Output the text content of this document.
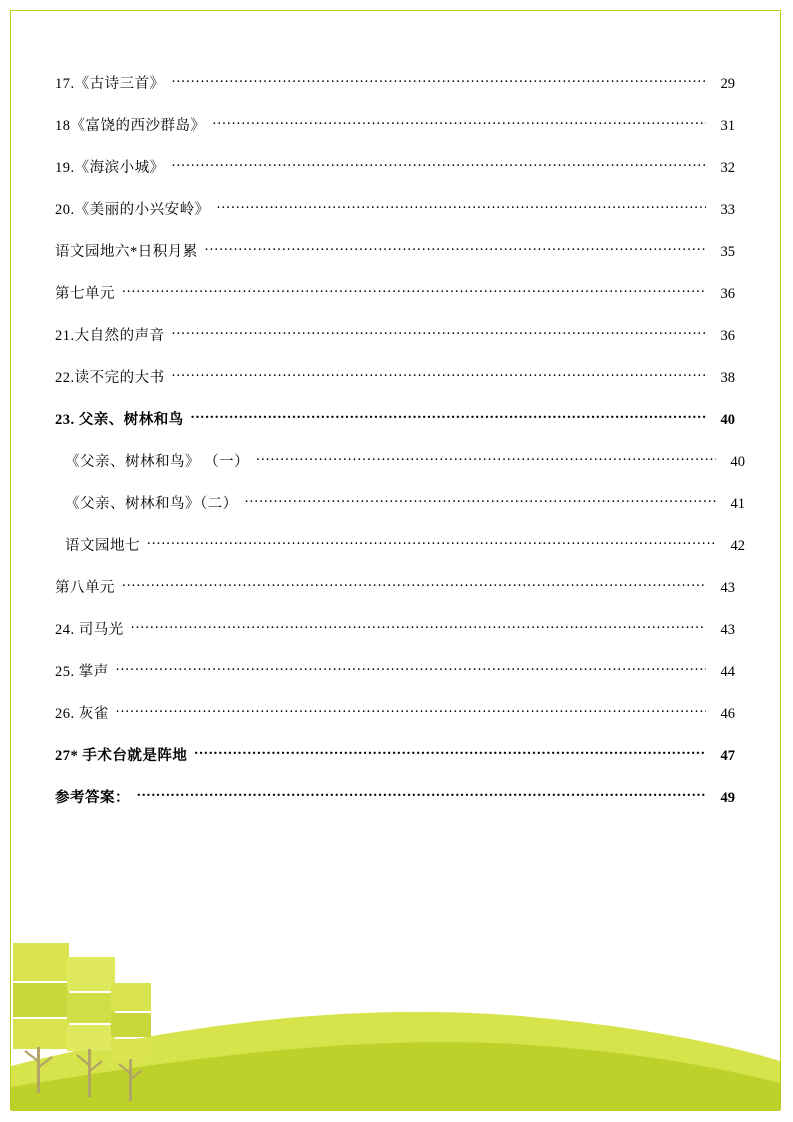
17.《古诗三首》 .....	29
18《富饶的西沙群岛》 .....	31
19.《海滨小城》 .....	32
20.《美丽的小兴安岭》 .....	33
语文园地六*日积月累 .....	35
第七单元 .....	36
21.大自然的声音 .....	36
22.读不完的大书 .....	38
23. 父亲、树林和鸟 .....	40
《父亲、树林和鸟》 （一） .....	40
《父亲、树林和鸟》（二） .....	41
语文园地七 .....	42
第八单元 .....	43
24. 司马光 .....	43
25. 掌声 .....	44
26. 灰雀 .....	46
27* 手术台就是阵地 .....	47
参考答案： .....	49
